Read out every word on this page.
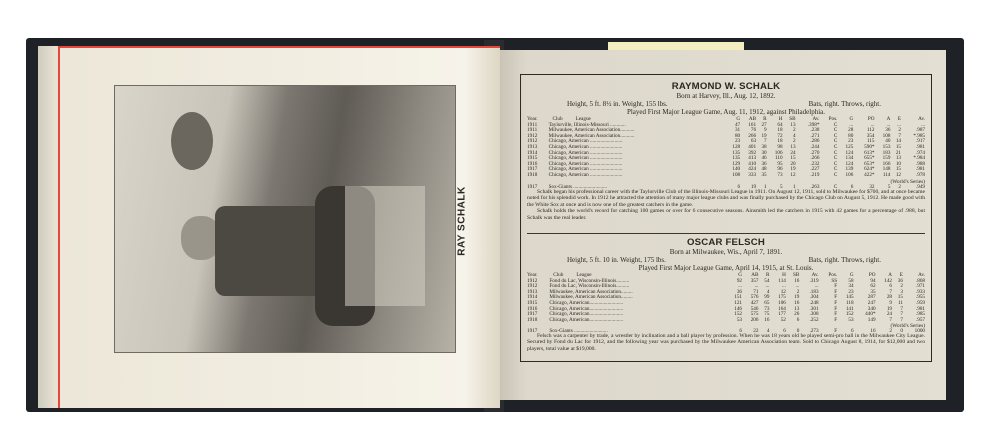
RAY SCHALK
RAYMOND W. SCHALK
Born at Harvey, Ill., Aug. 12, 1892.
Height, 5 ft. 8½ in. Weight, 155 lbs.	Bats, right. Throws, right.
Played First Major League Game, Aug. 11, 1912, against Philadelphia.
Year.	Club          League	G	AB	R	H	SB	Av.	Pos.	G	PO	A	E	Av.
1911	Taylorville, Illinois-Missouri ............	47	161	27	64	13	.398*	C	...	...	...	...	...
1911	Milwaukee, American Association...........	31	76	9	18	2	.238	C	28	112	36	2	.987
1912	Milwaukee, American Association...........	80	266	19	72	4	.271	C	80	354	108	7	*.985
1912	Chicago, American .........................	23	63	7	18	2	.286	C	23	115	40	14	.917
1913	Chicago, American .........................	128	401	38	98	13	.244	C	125	590*	153	15	.981
1914	Chicago, American .........................	135	392	30	106	24	.270	C	124	613*	183	21	.974
1915	Chicago, American .........................	135	413	46	110	15	.266	C	134	655*	159	13	*.984
1916	Chicago, American .........................	129	410	36	95	20	.232	C	124	653*	166	10	.988
1917	Chicago, American .........................	140	424	48	96	19	.227	C	139	624*	148	15	.981
1918	Chicago, American .........................	108	333	35	73	12	.219	C	106	422*	114	12	.978
(World's Series)													
1917	Sox-Giants ..........................	6	19	1	5	1	.263	C	6	32	5	2	.949
Schalk began his professional career with the Taylorville Club of the Illinois-Missouri League in 1911. On August 12, 1911, sold to Milwaukee for $700, and at once became noted for his splendid work. In 1912 he attracted the attention of many major league clubs and was finally purchased by the Chicago Club on August 5, 1912. He made good with the White Sox at once and is now one of the greatest catchers in the game.
Schalk holds the world's record for catching 100 games or over for 6 consecutive seasons. Ainsmith led the catchers in 1915 with 42 games for a percentage of .988, but Schalk was the real leader.
OSCAR FELSCH
Born at Milwaukee, Wis., April 7, 1891.
Height, 5 ft. 10 in. Weight, 175 lbs.	Bats, right. Throws, right.
Played First Major League Game, April 14, 1915, at St. Louis.
Year.	Club          League	G	AB	R	H	SB	Av.	Pos.	G	PO	A	E	Av.
1912	Fond du Lac, Wisconsin-Illinois..........	92	357	54	114	16	.319	SS	58	94	142	36	.868
1912	Fond du Lac, Wisconsin-Illinois..........	...	...	...	...	...	...	F	34	62	6	2	.971
1913	Milwaukee, American Association.........	36	71	4	12	2	.183	F	23	35	7	3	.933
1914	Milwaukee, American Association.........	151	576	99	175	19	.304	F	145	287	28	15	.955
1915	Chicago, American..........................	121	427	65	106	16	.248	F	118	247	9	11	.959
1916	Chicago, American..........................	146	546	73	164	13	.301	F	141	340	19	7	.981
1917	Chicago, American..........................	152	575	75	177	26	.308	F	152	440*	24	7	.985
1918	Chicago, American..........................	53	206	16	52	6	.252	F	53	149	7	7	.957
(World's Series)													
1917	Sox-Giants ..........................	6	22	4	6	0	.273	F	6	16	2	0	1000
Felsch was a carpenter by trade, a wrestler by inclination and a ball player by profession. When he was 18 years old he played semi-pro ball in the Milwaukee City League. Secured by Fond du Lac for 1912, and the following year was purchased by the Milwaukee American Association team. Sold to Chicago August 8, 1914, for $12,000 and two players, total value at $19,000.
